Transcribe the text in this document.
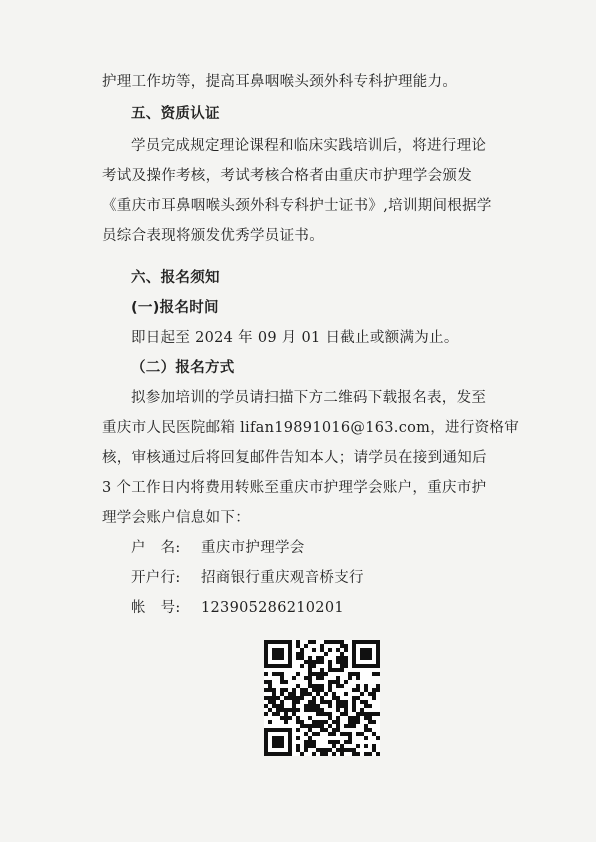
护理工作坊等，提高耳鼻咽喉头颈外科专科护理能力。
五、资质认证
学员完成规定理论课程和临床实践培训后，将进行理论
考试及操作考核，考试考核合格者由重庆市护理学会颁发
《重庆市耳鼻咽喉头颈外科专科护士证书》,培训期间根据学
员综合表现将颁发优秀学员证书。
六、报名须知
(一)报名时间
即日起至 2024 年 09 月 01 日截止或额满为止。
（二）报名方式
拟参加培训的学员请扫描下方二维码下载报名表，发至
重庆市人民医院邮箱 lifan19891016@163.com，进行资格审
核，审核通过后将回复邮件告知本人；请学员在接到通知后
3 个工作日内将费用转账至重庆市护理学会账户，重庆市护
理学会账户信息如下：
户　名: 重庆市护理学会
开户行: 招商银行重庆观音桥支行
帐　号: 123905286210201
